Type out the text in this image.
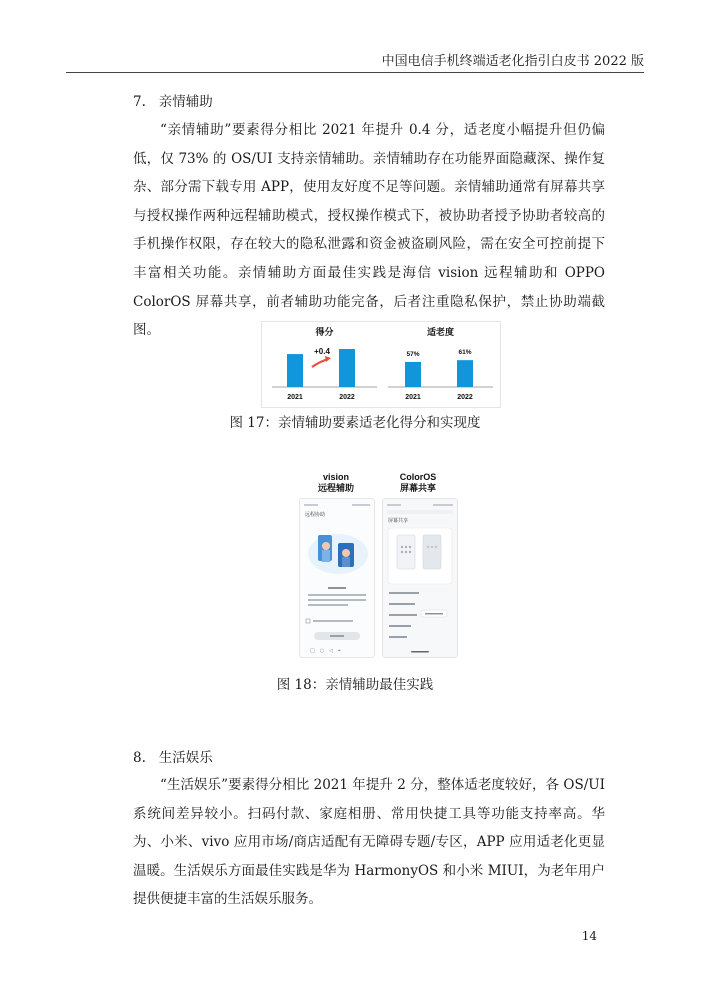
中国电信手机终端适老化指引白皮书 2022 版
7.   亲情辅助

“亲情辅助”要素得分相比 2021 年提升 0.4 分，适老度小幅提升但仍偏低，仅 73% 的 OS/UI 支持亲情辅助。亲情辅助存在功能界面隐藏深、操作复杂、部分需下载专用 APP，使用友好度不足等问题。亲情辅助通常有屏幕共享与授权操作两种远程辅助模式，授权操作模式下，被协助者授予协助者较高的手机操作权限，存在较大的隐私泄露和资金被盗刷风险，需在安全可控前提下丰富相关功能。亲情辅助方面最佳实践是海信 vision 远程辅助和 OPPO ColorOS 屏幕共享，前者辅助功能完备，后者注重隐私保护，禁止协助端截图。	得分
2021	2022
+0.4
适老度
2021
57%
2022
61%
图 17：亲情辅助要素适老化得分和实现度
vision
远程辅助
ColorOS
屏幕共享
远程协助
□　○　◁　⌖
屏幕共享
图 18：亲情辅助最佳实践
8.   生活娱乐

“生活娱乐”要素得分相比 2021 年提升 2 分，整体适老度较好，各 OS/UI 系统间差异较小。扫码付款、家庭相册、常用快捷工具等功能支持率高。华为、小米、vivo 应用市场/商店适配有无障碍专题/专区，APP 应用适老化更显温暖。生活娱乐方面最佳实践是华为 HarmonyOS 和小米 MIUI，为老年用户提供便捷丰富的生活娱乐服务。

14
